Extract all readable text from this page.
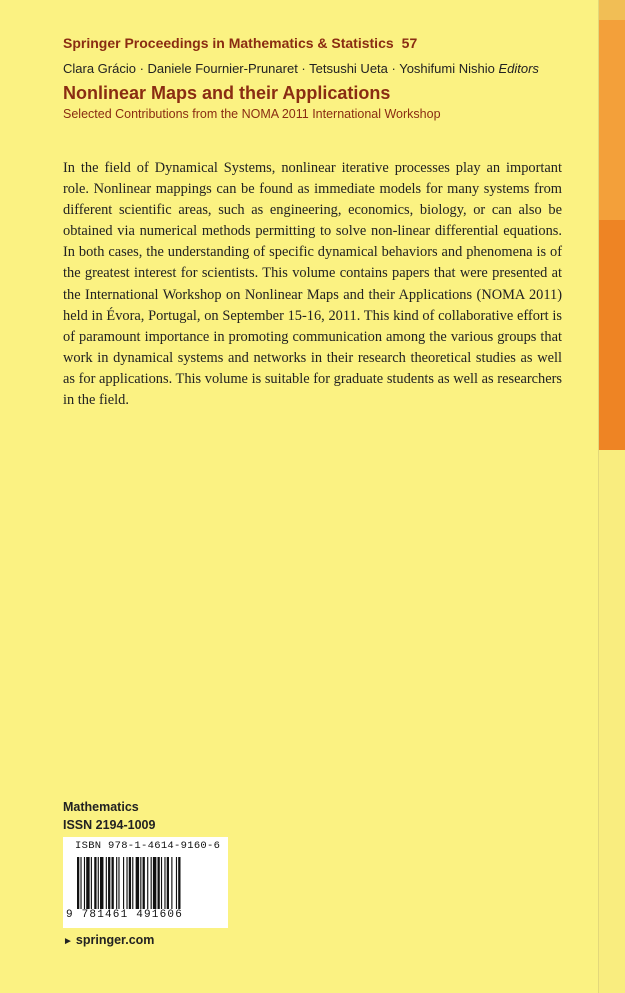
Springer Proceedings in Mathematics & Statistics 57
Clara Grácio · Daniele Fournier-Prunaret · Tetsushi Ueta · Yoshifumi Nishio Editors
Nonlinear Maps and their Applications
Selected Contributions from the NOMA 2011 International Workshop

In the field of Dynamical Systems, nonlinear iterative processes play an important role. Nonlinear mappings can be found as immediate models for many systems from different scientific areas, such as engineering, economics, biology, or can also be obtained via numerical methods permitting to solve non-linear differential equations. In both cases, the understanding of specific dynamical behaviors and phenomena is of the greatest interest for scientists. This volume contains papers that were presented at the International Workshop on Nonlinear Maps and their Applications (NOMA 2011) held in Évora, Portugal, on September 15-16, 2011. This kind of collaborative effort is of paramount importance in promoting communication among the various groups that work in dynamical systems and networks in their research theoretical studies as well as for applications. This volume is suitable for graduate students as well as researchers in the field.

Mathematics
ISSN 2194-1009
ISBN 978-1-4614-9160-6
9 781461 491606
► springer.com
